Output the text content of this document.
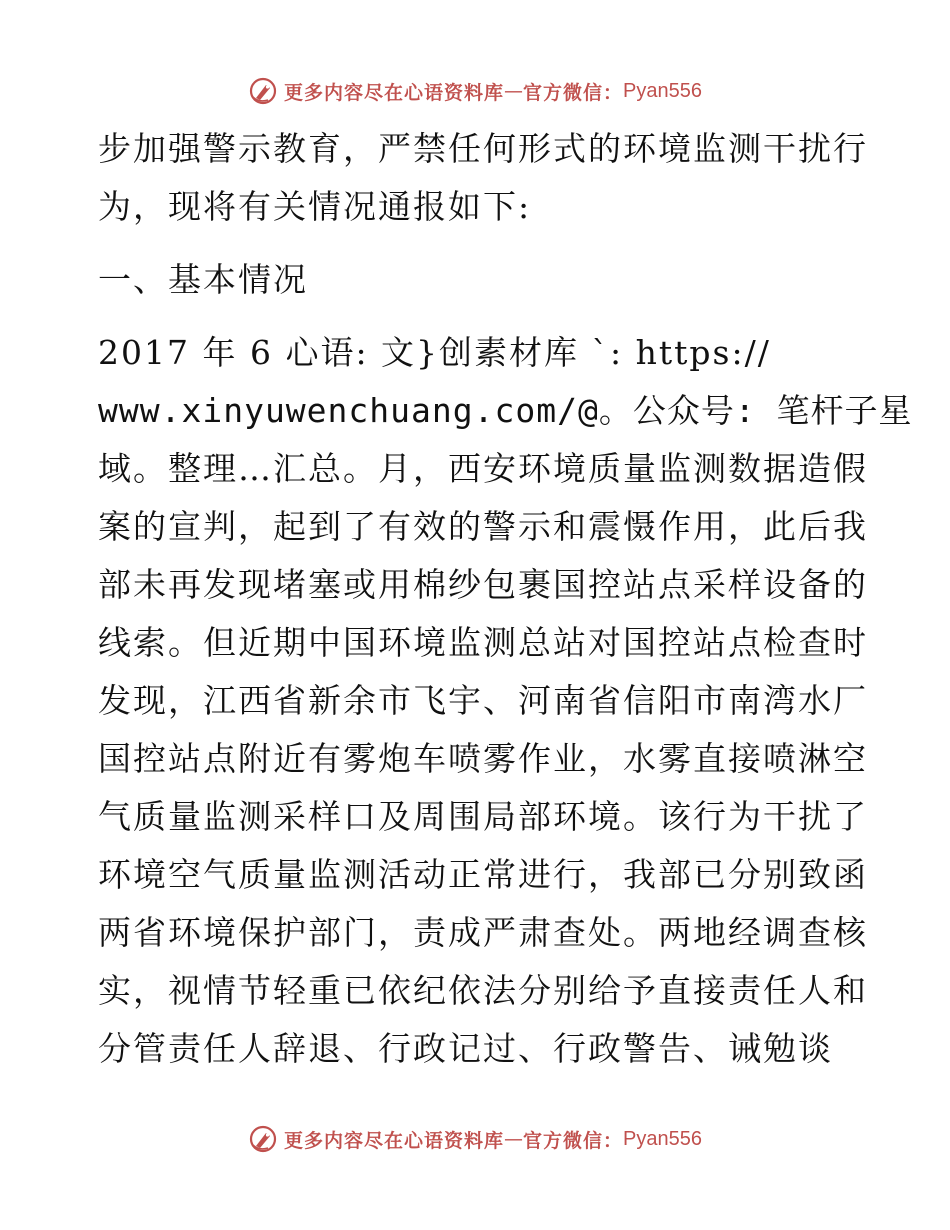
更多内容尽在心语资料库 — 官方微信： Pyan556
步加强警示教育，严禁任何形式的环境监测干扰行
为，现将有关情况通报如下:
一、基本情况
2017 年 6 心语: 文}创素材库 `: https://
www.xinyuwenchuang.com/@。公众号: 笔杆子星
域。整理…汇总。月，西安环境质量监测数据造假
案的宣判，起到了有效的警示和震慑作用，此后我
部未再发现堵塞或用棉纱包裹国控站点采样设备的
线索。但近期中国环境监测总站对国控站点检查时
发现，江西省新余市飞宇、河南省信阳市南湾水厂
国控站点附近有雾炮车喷雾作业，水雾直接喷淋空
气质量监测采样口及周围局部环境。该行为干扰了
环境空气质量监测活动正常进行，我部已分别致函
两省环境保护部门，责成严肃查处。两地经调查核
实，视情节轻重已依纪依法分别给予直接责任人和
分管责任人辞退、行政记过、行政警告、诫勉谈
更多内容尽在心语资料库 — 官方微信： Pyan556
